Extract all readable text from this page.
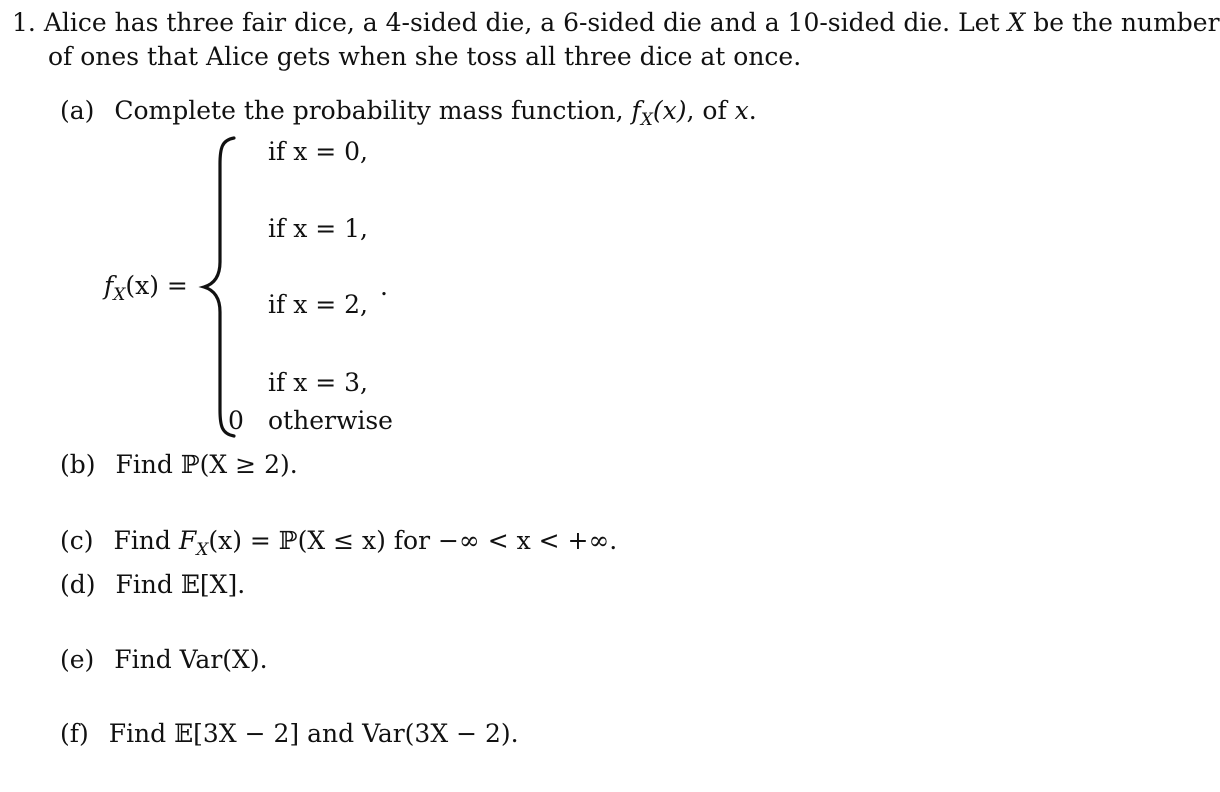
1. Alice has three fair dice, a 4-sided die, a 6-sided die and a 10-sided die. Let X be the number
of ones that Alice gets when she toss all three dice at once.
(a) Complete the probability mass function, $f_X(x)$, of x.
$f_X(x)$ =
if x = 0,
if x = 1,
if x = 2,
if x = 3,
0 otherwise
.
(b) Find ℙ(X ≥ 2).
(c) Find $F_X(x)$ = ℙ(X ≤ x) for −∞ < x < +∞.
(d) Find 𝔼[X].
(e) Find Var(X).
(f) Find 𝔼[3X − 2] and Var(3X − 2).
